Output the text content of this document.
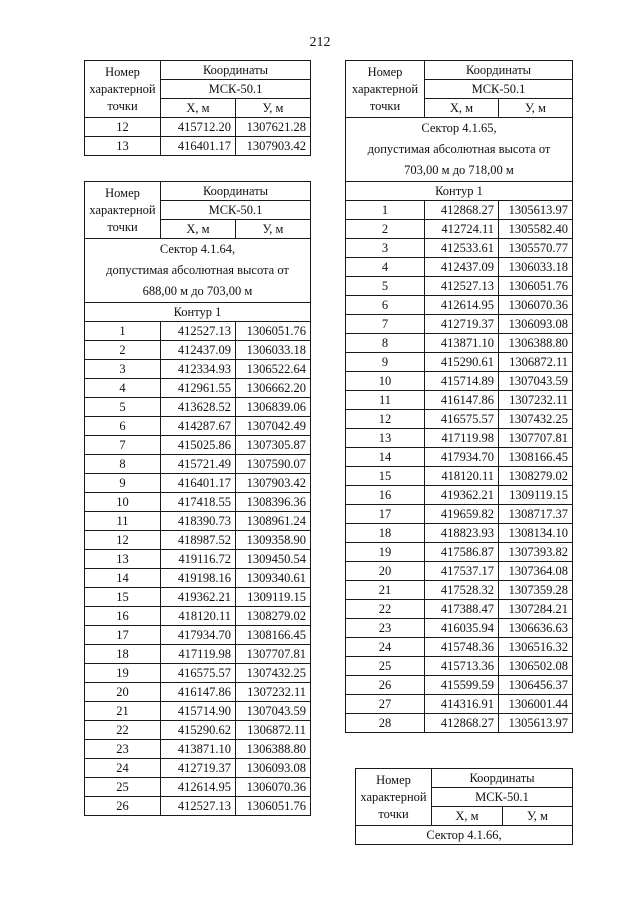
212
Номер
характерной
точки	Координаты	
	МСК-50.1	
	X, м	У, м
12	415712.20	1307621.28
13	416401.17	1307903.42
Номер
характерной
точки	Координаты	
	МСК-50.1	
	X, м	У, м

Сектор 4.1.64,
допустимая абсолютная высота от 688,00 м до 703,00 м		

Контур 1		
1	412527.13	1306051.76
2	412437.09	1306033.18
3	412334.93	1306522.64
4	412961.55	1306662.20
5	413628.52	1306839.06
6	414287.67	1307042.49
7	415025.86	1307305.87
8	415721.49	1307590.07
9	416401.17	1307903.42
10	417418.55	1308396.36
11	418390.73	1308961.24
12	418987.52	1309358.90
13	419116.72	1309450.54
14	419198.16	1309340.61
15	419362.21	1309119.15
16	418120.11	1308279.02
17	417934.70	1308166.45
18	417119.98	1307707.81
19	416575.57	1307432.25
20	416147.86	1307232.11
21	415714.90	1307043.59
22	415290.62	1306872.11
23	413871.10	1306388.80
24	412719.37	1306093.08
25	412614.95	1306070.36
26	412527.13	1306051.76
Номер
характерной
точки	Координаты	
	МСК-50.1	
	X, м	У, м

Сектор 4.1.65,
допустимая абсолютная высота от 703,00 м до 718,00 м		

Контур 1		
1	412868.27	1305613.97
2	412724.11	1305582.40
3	412533.61	1305570.77
4	412437.09	1306033.18
5	412527.13	1306051.76
6	412614.95	1306070.36
7	412719.37	1306093.08
8	413871.10	1306388.80
9	415290.61	1306872.11
10	415714.89	1307043.59
11	416147.86	1307232.11
12	416575.57	1307432.25
13	417119.98	1307707.81
14	417934.70	1308166.45
15	418120.11	1308279.02
16	419362.21	1309119.15
17	419659.82	1308717.37
18	418823.93	1308134.10
19	417586.87	1307393.82
20	417537.17	1307364.08
21	417528.32	1307359.28
22	417388.47	1307284.21
23	416035.94	1306636.63
24	415748.36	1306516.32
25	415713.36	1306502.08
26	415599.59	1306456.37
27	414316.91	1306001.44
28	412868.27	1305613.97
Номер
характерной
точки	Координаты	
	МСК-50.1	
	X, м	У, м
Сектор 4.1.66,		
